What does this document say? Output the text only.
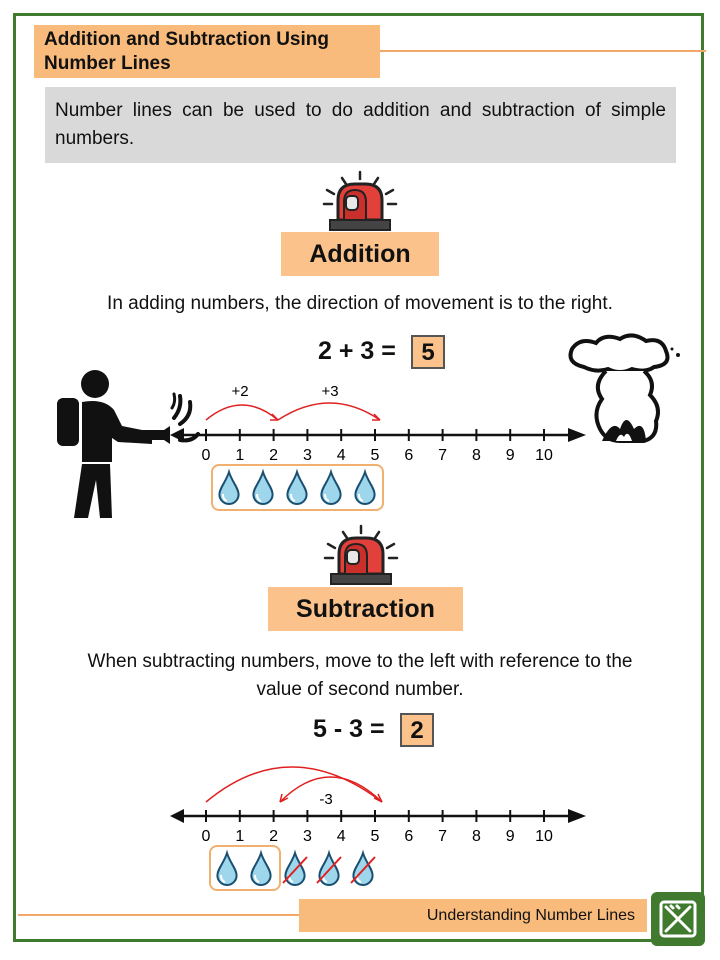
Addition and Subtraction Using Number Lines
Number lines can be used to do addition and subtraction of simple numbers.
Addition
In adding numbers, the direction of movement is to the right.
2 + 3 =	5
0 1 2 3 4 5 6 7 8 9 10
+2	+3
Subtraction
When subtracting numbers, move to the left with reference to the value of second number.
5 - 3 =	2
0 1 2 3 4 5 6 7 8 9 10
-3
Understanding Number Lines
